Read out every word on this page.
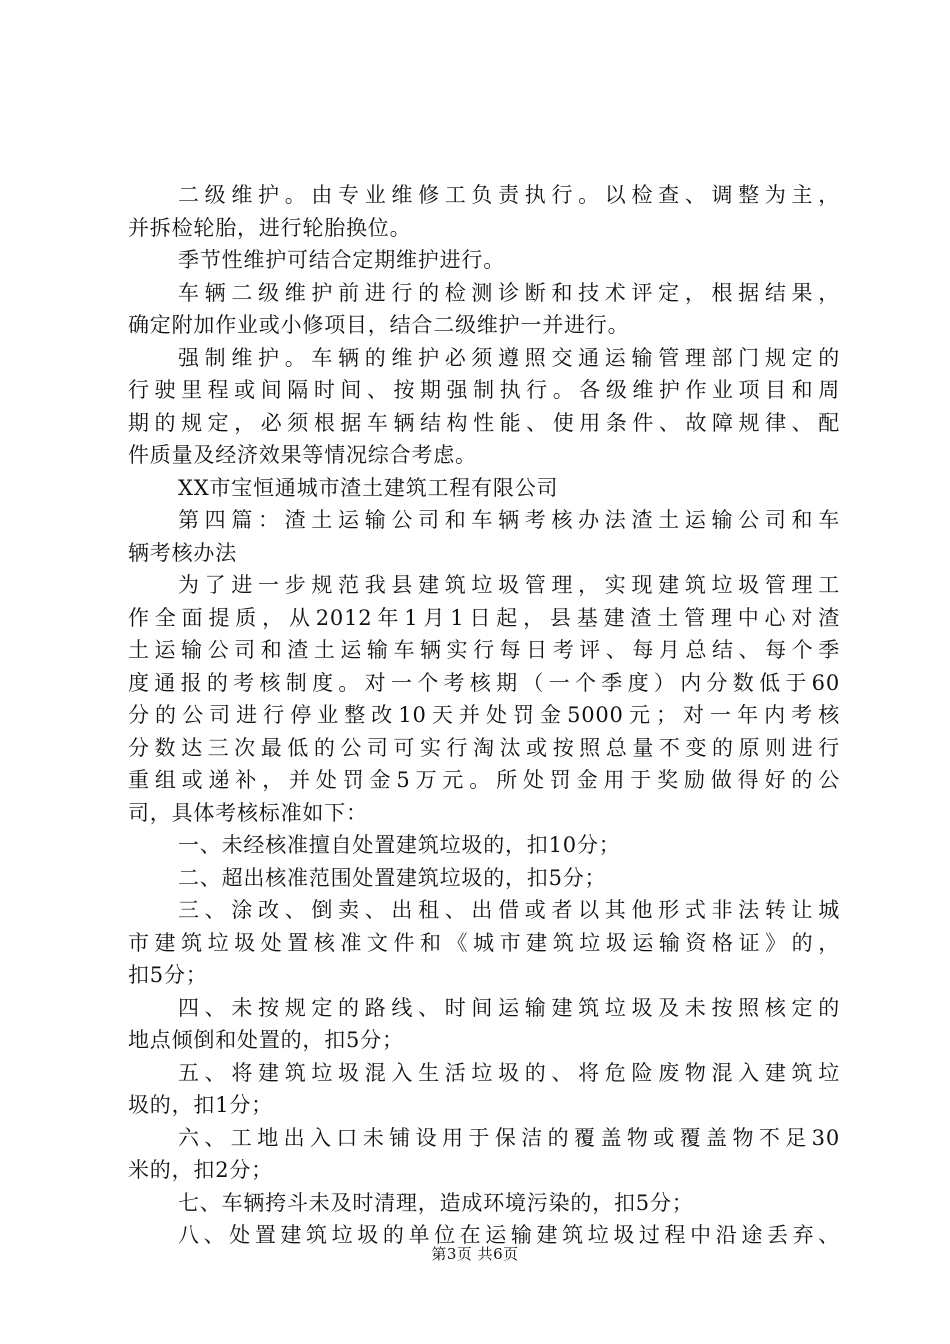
二级维护。由专业维修工负责执行。以检查、调整为主，
并拆检轮胎，进行轮胎换位。
季节性维护可结合定期维护进行。
车辆二级维护前进行的检测诊断和技术评定，根据结果，
确定附加作业或小修项目，结合二级维护一并进行。
强制维护。车辆的维护必须遵照交通运输管理部门规定的
行驶里程或间隔时间、按期强制执行。各级维护作业项目和周
期的规定，必须根据车辆结构性能、使用条件、故障规律、配
件质量及经济效果等情况综合考虑。
XX市宝恒通城市渣土建筑工程有限公司
第四篇：渣土运输公司和车辆考核办法渣土运输公司和车
辆考核办法
为了进一步规范我县建筑垃圾管理，实现建筑垃圾管理工
作全面提质，从2012年1月1日起，县基建渣土管理中心对渣
土运输公司和渣土运输车辆实行每日考评、每月总结、每个季
度通报的考核制度。对一个考核期（一个季度）内分数低于60
分的公司进行停业整改10天并处罚金5000元；对一年内考核
分数达三次最低的公司可实行淘汰或按照总量不变的原则进行
重组或递补，并处罚金5万元。所处罚金用于奖励做得好的公
司，具体考核标准如下：
一、未经核准擅自处置建筑垃圾的，扣10分；
二、超出核准范围处置建筑垃圾的，扣5分；
三、涂改、倒卖、出租、出借或者以其他形式非法转让城
市建筑垃圾处置核准文件和《城市建筑垃圾运输资格证》的，
扣5分；
四、未按规定的路线、时间运输建筑垃圾及未按照核定的
地点倾倒和处置的，扣5分；
五、将建筑垃圾混入生活垃圾的、将危险废物混入建筑垃
圾的，扣1分；
六、工地出入口未铺设用于保洁的覆盖物或覆盖物不足30
米的，扣2分；
七、车辆挎斗未及时清理，造成环境污染的，扣5分；
八、处置建筑垃圾的单位在运输建筑垃圾过程中沿途丢弃、
第3页 共6页
